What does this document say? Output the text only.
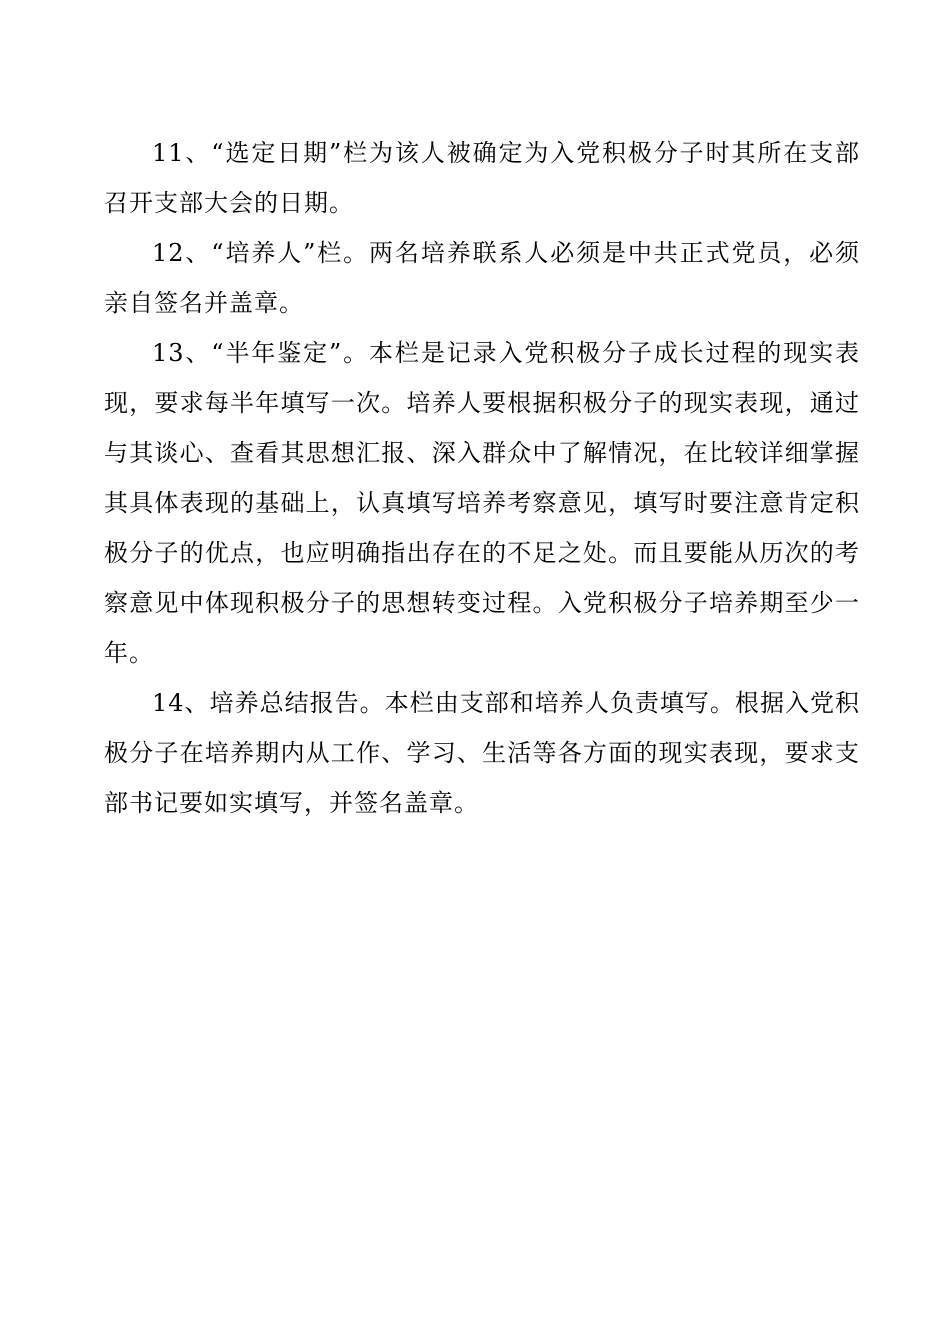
11、“选定日期”栏为该人被确定为入党积极分子时其所在支部召开支部大会的日期。

12、“培养人”栏。两名培养联系人必须是中共正式党员，必须亲自签名并盖章。

13、“半年鉴定”。本栏是记录入党积极分子成长过程的现实表现，要求每半年填写一次。培养人要根据积极分子的现实表现，通过与其谈心、查看其思想汇报、深入群众中了解情况，在比较详细掌握其具体表现的基础上，认真填写培养考察意见，填写时要注意肯定积极分子的优点，也应明确指出存在的不足之处。而且要能从历次的考察意见中体现积极分子的思想转变过程。入党积极分子培养期至少一年。

14、培养总结报告。本栏由支部和培养人负责填写。根据入党积极分子在培养期内从工作、学习、生活等各方面的现实表现，要求支部书记要如实填写，并签名盖章。
